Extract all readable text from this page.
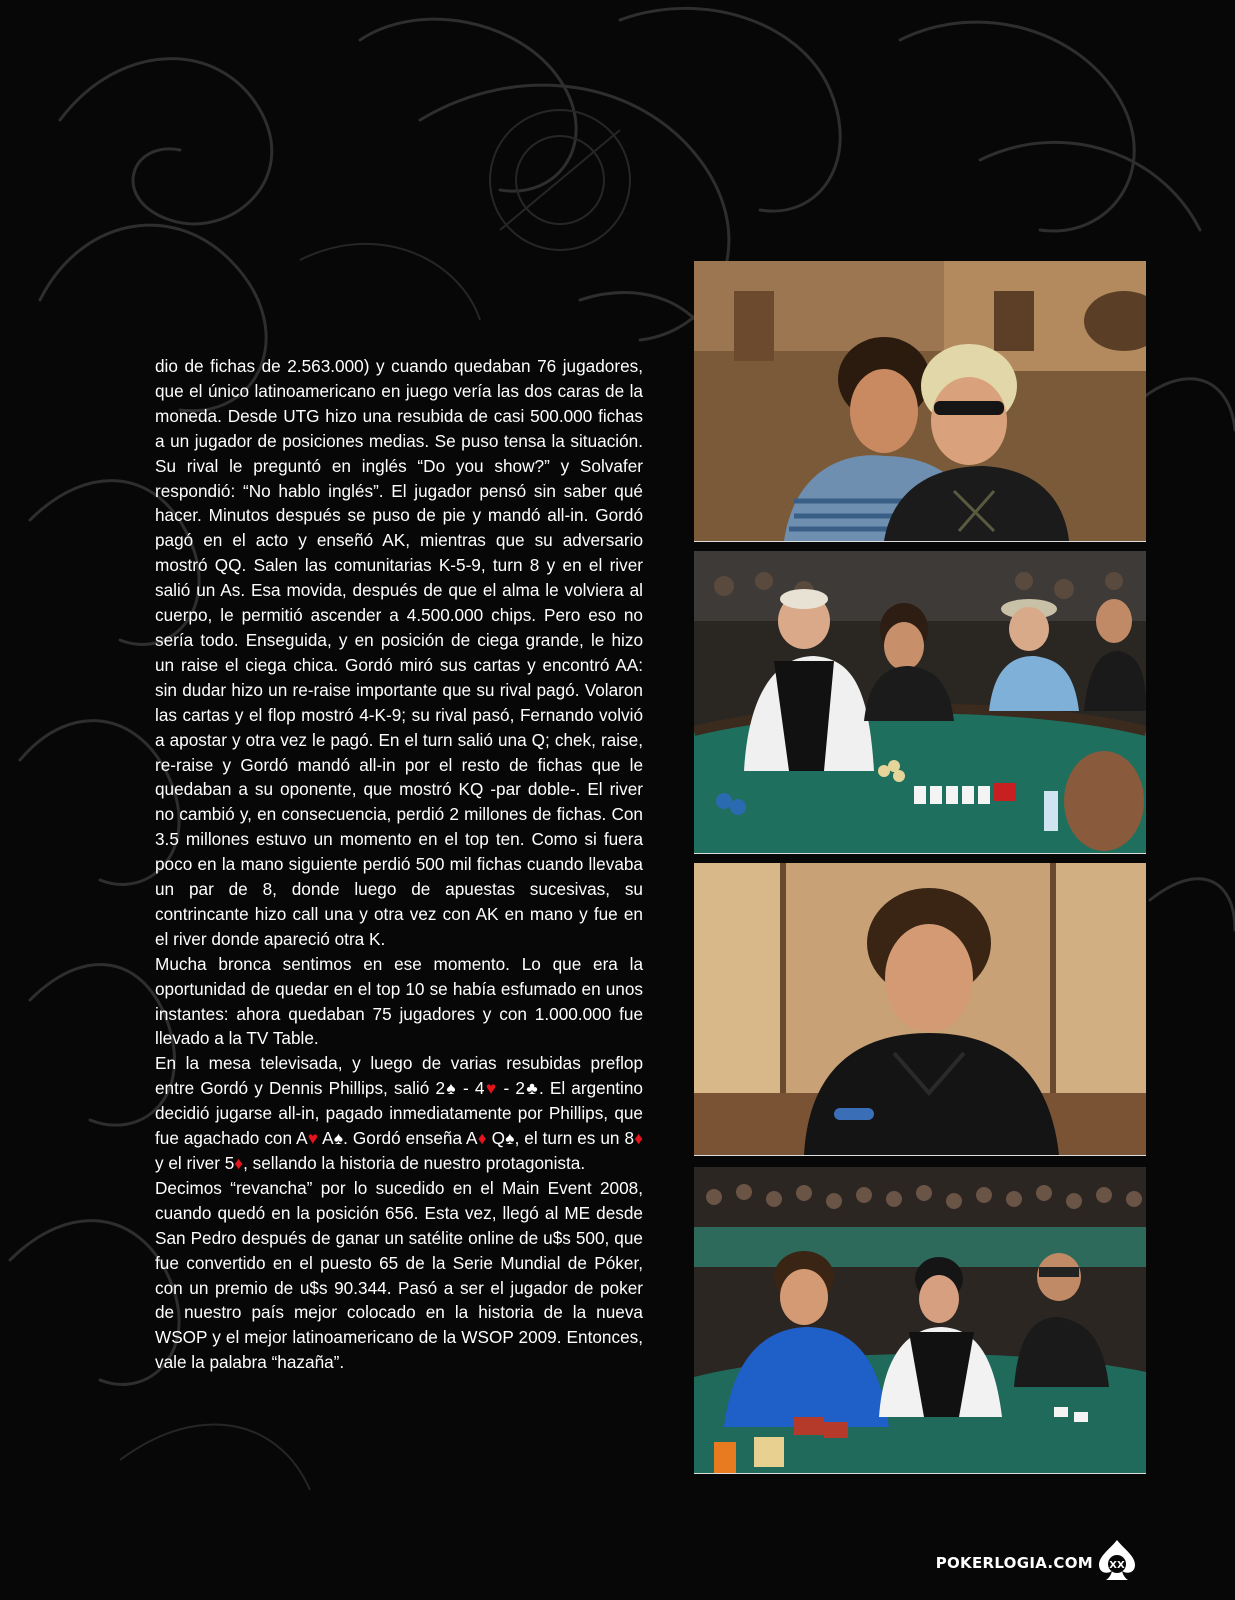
dio de fichas de 2.563.000) y cuando quedaban 76 jugadores, que el único latinoamericano en juego vería las dos caras de la moneda. Desde UTG hizo una resubida de casi 500.000 fichas a un jugador de posiciones medias. Se puso tensa la situación. Su rival le preguntó en inglés “Do you show?” y Solvafer respondió: “No hablo inglés”. El jugador pensó sin saber qué hacer. Minutos después se puso de pie y mandó all-in. Gordó pagó en el acto y enseñó AK, mientras que su adversario mostró QQ. Salen las comunitarias K-5-9, turn 8 y en el river salió un As. Esa movida, después de que el alma le volviera al cuerpo, le permitió ascender a 4.500.000 chips. Pero eso no sería todo. Enseguida, y en posición de ciega grande, le hizo un raise el ciega chica. Gordó miró sus cartas y encontró AA: sin dudar hizo un re-raise importante que su rival pagó. Volaron las cartas y el flop mostró 4-K-9; su rival pasó, Fernando volvió a apostar y otra vez le pagó. En el turn salió una Q; chek, raise, re-raise y Gordó mandó all-in por el resto de fichas que le quedaban a su oponente, que mostró KQ -par doble-. El river no cambió y, en consecuencia, perdió 2 millones de fichas. Con 3.5 millones estuvo un momento en el top ten. Como si fuera poco en la mano siguiente perdió 500 mil fichas cuando llevaba un par de 8, donde luego de apuestas sucesivas, su contrincante hizo call una y otra vez con AK en mano y fue en el river donde apareció otra K.

Mucha bronca sentimos en ese momento. Lo que era la oportunidad de quedar en el top 10 se había esfumado en unos instantes: ahora quedaban 75 jugadores y con 1.000.000 fue llevado a la TV Table.

En la mesa televisada, y luego de varias resubidas preflop entre Gordó y Dennis Phillips, salió 2♠ - 4♥ - 2♣. El argentino decidió jugarse all-in, pagado inmediatamente por Phillips, que fue agachado con A♥ A♠. Gordó enseña A♦ Q♠, el turn es un 8♦ y el river 5♦, sellando la historia de nuestro protagonista.

Decimos “revancha” por lo sucedido en el Main Event 2008, cuando quedó en la posición 656. Esta vez, llegó al ME desde San Pedro después de ganar un satélite online de u$s 500, que fue convertido en el puesto 65 de la Serie Mundial de Póker, con un premio de u$s 90.344. Pasó a ser el jugador de poker de nuestro país mejor colocado en la historia de la nueva WSOP y el mejor latinoamericano de la WSOP 2009. Entonces, vale la palabra “hazaña”.

POKERLOGIA.COM XX
